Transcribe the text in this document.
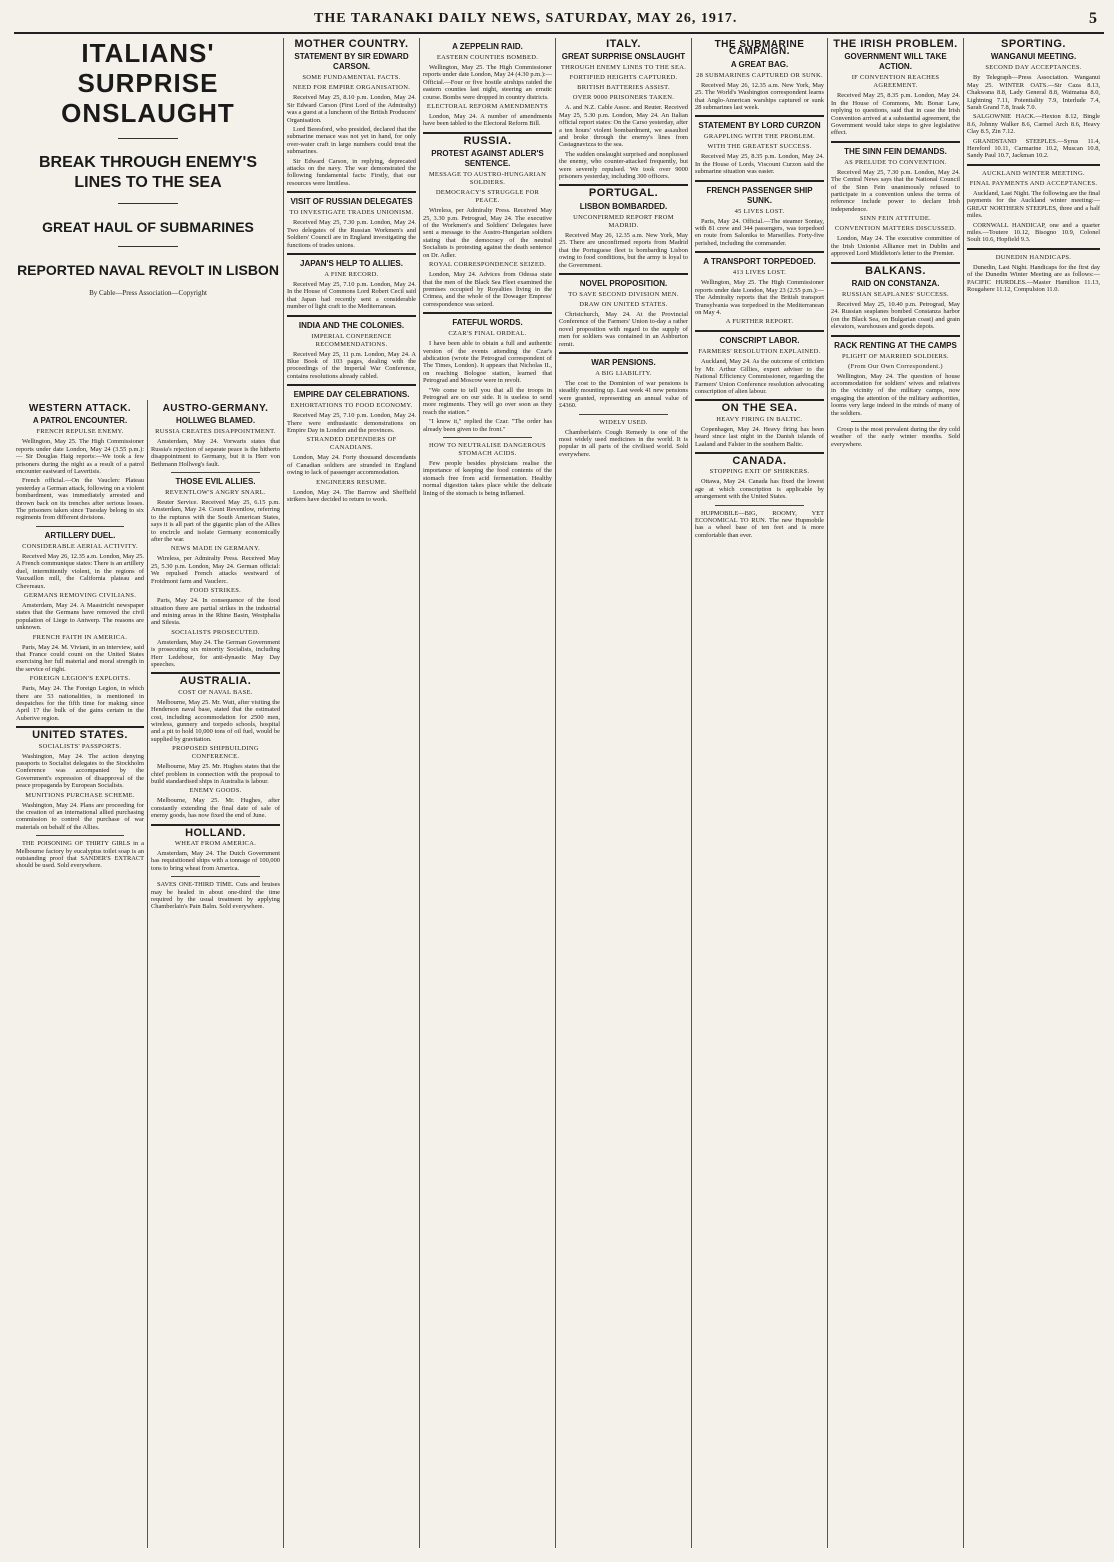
THE TARANAKI DAILY NEWS, SATURDAY, MAY 26, 1917.	5
ITALIANS' SURPRISE ONSLAUGHT
BREAK THROUGH ENEMY'S LINES TO THE SEA
GREAT HAUL OF SUBMARINES
REPORTED NAVAL REVOLT IN LISBON
By Cable—Press Association—Copyright
WESTERN ATTACK.
A PATROL ENCOUNTER.
FRENCH REPULSE ENEMY.

Wellington, May 25. The High Commissioner reports under date London, May 24 (3.55 p.m.):— Sir Douglas Haig reports:—We took a few prisoners during the night as a result of a patrol encounter eastward of Lavertisis.

French official.—On the Vauclerc Plateau yesterday a German attack, following on a violent bombardment, was immediately arrested and thrown back on its trenches after serious losses. The prisoners taken since Tuesday belong to six regiments from different divisions.

ARTILLERY DUEL.
CONSIDERABLE AERIAL ACTIVITY.

Received May 26, 12.35 a.m. London, May 25. A French communique states: There is an artillery duel, intermittently violent, in the regions of Vauxaillon mill, the California plateau and Chevreaux.

GERMANS REMOVING CIVILIANS.

Amsterdam, May 24. A Maastricht newspaper states that the Germans have removed the civil population of Liege to Antwerp. The reasons are unknown.

FRENCH FAITH IN AMERICA.

Paris, May 24. M. Viviani, in an interview, said that France could count on the United States exercising her full material and moral strength in the service of right.

FOREIGN LEGION'S EXPLOITS.

Paris, May 24. The Foreign Legion, in which there are 53 nationalities, is mentioned in despatches for the fifth time for making since April 17 the bulk of the gains certain in the Auberive region.

UNITED STATES.
SOCIALISTS' PASSPORTS.

Washington, May 24. The action denying passports to Socialist delegates to the Stockholm Conference was accompanied by the Government's expression of disapproval of the peace propaganda by European Socialists.

MUNITIONS PURCHASE SCHEME.

Washington, May 24. Plans are proceeding for the creation of an international allied purchasing commission to control the purchase of war materials on behalf of the Allies.

THE POISONING OF THIRTY GIRLS in a Melbourne factory by eucalyptus toilet soap is an outstanding proof that SANDER'S EXTRACT should be used. Sold everywhere.

AUSTRO-GERMANY.
HOLLWEG BLAMED.
RUSSIA CREATES DISAPPOINTMENT.

Amsterdam, May 24. Vorwarts states that Russia's rejection of separate peace is the hitherto disappointment to Germany, but it is Herr von Bethmann Hollweg's fault.

THOSE EVIL ALLIES.
REVENTLOW'S ANGRY SNARL.

Reuter Service. Received May 25, 6.15 p.m. Amsterdam, May 24. Count Reventlow, referring to the ruptures with the South American States, says it is all part of the gigantic plan of the Allies to encircle and isolate Germany economically after the war.

NEWS MADE IN GERMANY.

Wireless, per Admiralty Press. Received May 25, 5.30 p.m. London, May 24. German official: We repulsed French attacks westward of Froidmont farm and Vauclerc.

FOOD STRIKES.

Paris, May 24. In consequence of the food situation there are partial strikes in the industrial and mining areas in the Rhine Basin, Westphalia and Silesia.

SOCIALISTS PROSECUTED.

Amsterdam, May 24. The German Government is prosecuting six minority Socialists, including Herr Ledebour, for anti-dynastic May Day speeches.

AUSTRALIA.
COST OF NAVAL BASE.

Melbourne, May 25. Mr. Watt, after visiting the Henderson naval base, stated that the estimated cost, including accommodation for 2500 men, wireless, gunnery and torpedo schools, hospital and a pit to hold 10,000 tons of oil fuel, would be supplied by gravitation.

PROPOSED SHIPBUILDING CONFERENCE.

Melbourne, May 25. Mr. Hughes states that the chief problem in connection with the proposal to build standardised ships in Australia is labour.

ENEMY GOODS.

Melbourne, May 25. Mr. Hughes, after constantly extending the final date of sale of enemy goods, has now fixed the end of June.

HOLLAND.
WHEAT FROM AMERICA.

Amsterdam, May 24. The Dutch Government has requisitioned ships with a tonnage of 100,000 tons to bring wheat from America.

SAVES ONE-THIRD TIME. Cuts and bruises may be healed in about one-third the time required by the usual treatment by applying Chamberlain's Pain Balm. Sold everywhere.

MOTHER COUNTRY.
STATEMENT BY SIR EDWARD CARSON.
SOME FUNDAMENTAL FACTS.
NEED FOR EMPIRE ORGANISATION.

Received May 25, 8.10 p.m. London, May 24. Sir Edward Carson (First Lord of the Admiralty) was a guest at a luncheon of the British Producers' Organisation.

Lord Beresford, who presided, declared that the submarine menace was not yet in hand, for only over-water craft in large numbers could treat the submarines.

Sir Edward Carson, in replying, deprecated attacks on the navy. The war demonstrated the following fundamental facts: Firstly, that our resources were limitless.

VISIT OF RUSSIAN DELEGATES
TO INVESTIGATE TRADES UNIONISM.

Received May 25, 7.30 p.m. London, May 24. Two delegates of the Russian Workmen's and Soldiers' Council are in England investigating the functions of trades unions.

JAPAN'S HELP TO ALLIES.
A FINE RECORD.

Received May 25, 7.10 p.m. London, May 24. In the House of Commons Lord Robert Cecil said that Japan had recently sent a considerable number of light craft to the Mediterranean.

INDIA AND THE COLONIES.
IMPERIAL CONFERENCE RECOMMENDATIONS.

Received May 25, 11 p.m. London, May 24. A Blue Book of 103 pages, dealing with the proceedings of the Imperial War Conference, contains resolutions already cabled.

EMPIRE DAY CELEBRATIONS.
EXHORTATIONS TO FOOD ECONOMY.

Received May 25, 7.10 p.m. London, May 24. There were enthusiastic demonstrations on Empire Day in London and the provinces.

STRANDED DEFENDERS OF CANADIANS.

London, May 24. Forty thousand descendants of Canadian soldiers are stranded in England owing to lack of passenger accommodation.

ENGINEERS RESUME.

London, May 24. The Barrow and Sheffield strikers have decided to return to work.

A ZEPPELIN RAID.
EASTERN COUNTIES BOMBED.

Wellington, May 25. The High Commissioner reports under date London, May 24 (4.30 p.m.):— Official.—Four or five hostile airships raided the eastern counties last night, steering an erratic course. Bombs were dropped in country districts.

ELECTORAL REFORM AMENDMENTS

London, May 24. A number of amendments have been tabled to the Electoral Reform Bill.

RUSSIA.
PROTEST AGAINST ADLER'S SENTENCE.
MESSAGE TO AUSTRO-HUNGARIAN SOLDIERS.
DEMOCRACY'S STRUGGLE FOR PEACE.

Wireless, per Admiralty Press. Received May 25, 3.30 p.m. Petrograd, May 24. The executive of the Workmen's and Soldiers' Delegates have sent a message to the Austro-Hungarian soldiers stating that the democracy of the neutral Socialists is protesting against the death sentence on Dr. Adler.

ROYAL CORRESPONDENCE SEIZED.

London, May 24. Advices from Odessa state that the men of the Black Sea Fleet examined the premises occupied by Royalties living in the Crimea, and the whole of the Dowager Empress' correspondence was seized.

FATEFUL WORDS.
CZAR'S FINAL ORDEAL.

I have been able to obtain a full and authentic version of the events attending the Czar's abdication (wrote the Petrograd correspondent of The Times, London). It appears that Nicholas II., on reaching Bologoe station, learned that Petrograd and Moscow were in revolt.

"We come to tell you that all the troops in Petrograd are on our side. It is useless to send more regiments. They will go over soon as they reach the station."

"I know it," replied the Czar. "The order has already been given to the front."

HOW TO NEUTRALISE DANGEROUS STOMACH ACIDS.

Few people besides physicians realise the importance of keeping the food contents of the stomach free from acid fermentation. Healthy normal digestion takes place while the delicate lining of the stomach is being inflamed.

ITALY.
GREAT SURPRISE ONSLAUGHT
THROUGH ENEMY LINES TO THE SEA.
FORTIFIED HEIGHTS CAPTURED.
BRITISH BATTERIES ASSIST.
OVER 9000 PRISONERS TAKEN.

A. and N.Z. Cable Assoc. and Reuter. Received May 25, 5.30 p.m. London, May 24. An Italian official report states: On the Carso yesterday, after a ten hours' violent bombardment, we assaulted and broke through the enemy's lines from Castagnavizza to the sea.

The sudden onslaught surprised and nonplussed the enemy, who counter-attacked frequently, but were severely repulsed. We took over 9000 prisoners yesterday, including 300 officers.

PORTUGAL.
LISBON BOMBARDED.
UNCONFIRMED REPORT FROM MADRID.

Received May 26, 12.35 a.m. New York, May 25. There are unconfirmed reports from Madrid that the Portuguese fleet is bombarding Lisbon owing to food conditions, but the army is loyal to the Government.

NOVEL PROPOSITION.
TO SAVE SECOND DIVISION MEN.
DRAW ON UNITED STATES.

Christchurch, May 24. At the Provincial Conference of the Farmers' Union to-day a rather novel proposition with regard to the supply of men for soldiers was contained in an Ashburton remit.

WAR PENSIONS.
A BIG LIABILITY.

The cost to the Dominion of war pensions is steadily mounting up. Last week 41 new pensions were granted, representing an annual value of £4360.

WIDELY USED.

Chamberlain's Cough Remedy is one of the most widely used medicines in the world. It is popular in all parts of the civilised world. Sold everywhere.

THE SUBMARINE CAMPAIGN.
A GREAT BAG.
28 SUBMARINES CAPTURED OR SUNK.

Received May 26, 12.35 a.m. New York, May 25. The World's Washington correspondent learns that Anglo-American warships captured or sunk 28 submarines last week.

STATEMENT BY LORD CURZON
GRAPPLING WITH THE PROBLEM.
WITH THE GREATEST SUCCESS.

Received May 25, 8.35 p.m. London, May 24. In the House of Lords, Viscount Curzon said the submarine situation was easier.

FRENCH PASSENGER SHIP SUNK.
45 LIVES LOST.

Paris, May 24. Official.—The steamer Sontay, with 81 crew and 344 passengers, was torpedoed en route from Salonika to Marseilles. Forty-five perished, including the commander.

A TRANSPORT TORPEDOED.
413 LIVES LOST.

Wellington, May 25. The High Commissioner reports under date London, May 23 (2.55 p.m.):— The Admiralty reports that the British transport Transylvania was torpedoed in the Mediterranean on May 4.

A FURTHER REPORT.
CONSCRIPT LABOR.
FARMERS' RESOLUTION EXPLAINED.

Auckland, May 24. As the outcome of criticism by Mr. Arthur Gillies, expert adviser to the National Efficiency Commissioner, regarding the Farmers' Union Conference resolution advocating conscription of alien labour.

ON THE SEA.
HEAVY FIRING IN BALTIC.

Copenhagen, May 24. Heavy firing has been heard since last night in the Danish islands of Laaland and Falster in the southern Baltic.

CANADA.
STOPPING EXIT OF SHIRKERS.

Ottawa, May 24. Canada has fixed the lowest age at which conscription is applicable by arrangement with the United States.

HUPMOBILE—BIG, ROOMY, YET ECONOMICAL TO RUN. The new Hupmobile has a wheel base of ten feet and is more comfortable than ever.

THE IRISH PROBLEM.
GOVERNMENT WILL TAKE ACTION.
IF CONVENTION REACHES AGREEMENT.

Received May 25, 8.35 p.m. London, May 24. In the House of Commons, Mr. Bonar Law, replying to questions, said that in case the Irish Convention arrived at a substantial agreement, the Government would take steps to give legislative effect.

THE SINN FEIN DEMANDS.
AS PRELUDE TO CONVENTION.

Received May 25, 7.30 p.m. London, May 24. The Central News says that the National Council of the Sinn Fein unanimously refused to participate in a convention unless the terms of reference include power to declare Irish independence.

SINN FEIN ATTITUDE.
CONVENTION MATTERS DISCUSSED.

London, May 24. The executive committee of the Irish Unionist Alliance met in Dublin and approved Lord Middleton's letter to the Premier.

BALKANS.
RAID ON CONSTANZA.
RUSSIAN SEAPLANES' SUCCESS.

Received May 25, 10.40 p.m. Petrograd, May 24. Russian seaplanes bombed Constanza harbor (on the Black Sea, on Bulgarian coast) and grain elevators, warehouses and goods depots.

RACK RENTING AT THE CAMPS
PLIGHT OF MARRIED SOLDIERS.
(From Our Own Correspondent.)

Wellington, May 24. The question of house accommodation for soldiers' wives and relatives in the vicinity of the military camps, now engaging the attention of the military authorities, looms very large indeed in the minds of many of the soldiers.

Croup is the most prevalent during the dry cold weather of the early winter months. Sold everywhere.

SPORTING.
WANGANUI MEETING.
SECOND DAY ACCEPTANCES.

By Telegraph—Press Association. Wanganui May 25. WINTER OATS.—Sir Caza 8.13, Chakwana 8.8, Lady General 8.8, Waimatua 8.0, Lightning 7.11, Potentiality 7.9, Interlude 7.4, Sarah Grand 7.8, Iraak 7.0.

SALGOWNIE HACK.—Hexton 8.12, Bingle 8.6, Johnny Walker 8.6, Carmel Arch 8.6, Heavy Clay 8.5, Zin 7.12.

GRANDSTAND STEEPLES.—Syrus 11.4, Hereford 10.11, Carmarine 10.2, Muscan 10.8, Sandy Paul 10.7, Jackman 10.2.

AUCKLAND WINTER MEETING.
FINAL PAYMENTS AND ACCEPTANCES.

Auckland, Last Night. The following are the final payments for the Auckland winter meeting:— GREAT NORTHERN STEEPLES, three and a half miles.

CORNWALL HANDICAP, one and a quarter miles.—Toutere 10.12, Bisogno 10.9, Colonel Soult 10.6, Hopfield 9.3.

DUNEDIN HANDICAPS.

Dunedin, Last Night. Handicaps for the first day of the Dunedin Winter Meeting are as follows:— PACIFIC HURDLES.—Master Hamilton 11.13, Rougahere 11.12, Compulsion 11.0.
